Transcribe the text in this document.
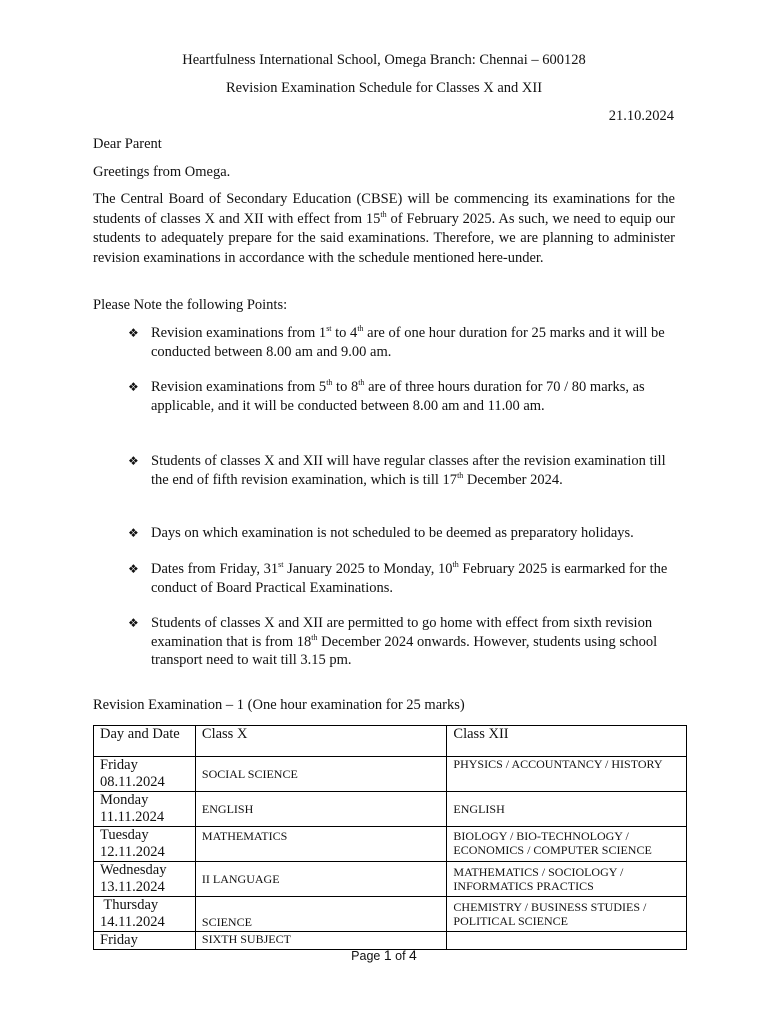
Heartfulness International School, Omega Branch: Chennai – 600128
Revision Examination Schedule for Classes X and XII
21.10.2024
Dear Parent
Greetings from Omega.
The Central Board of Secondary Education (CBSE) will be commencing its examinations for the students of classes X and XII with effect from 15th of February 2025. As such, we need to equip our students to adequately prepare for the said examinations. Therefore, we are planning to administer revision examinations in accordance with the schedule mentioned here-under.
Please Note the following Points:
❖ Revision examinations from 1st to 4th are of one hour duration for 25 marks and it will be conducted between 8.00 am and 9.00 am.
❖ Revision examinations from 5th to 8th are of three hours duration for 70 / 80 marks, as applicable, and it will be conducted between 8.00 am and 11.00 am.
❖ Students of classes X and XII will have regular classes after the revision examination till the end of fifth revision examination, which is till 17th December 2024.
❖ Days on which examination is not scheduled to be deemed as preparatory holidays.
❖ Dates from Friday, 31st January 2025 to Monday, 10th February 2025 is earmarked for the conduct of Board Practical Examinations.
❖ Students of classes X and XII are permitted to go home with effect from sixth revision examination that is from 18th December 2024 onwards. However, students using school transport need to wait till 3.15 pm.
Revision Examination – 1 (One hour examination for 25 marks)
Day and Date	Class X	Class XII

Friday
08.11.2024	SOCIAL SCIENCE	PHYSICS / ACCOUNTANCY / HISTORY

Monday
11.11.2024	ENGLISH	ENGLISH

Tuesday
12.11.2024	MATHEMATICS	BIOLOGY / BIO-TECHNOLOGY / ECONOMICS / COMPUTER SCIENCE

Wednesday
13.11.2024	II LANGUAGE	MATHEMATICS / SOCIOLOGY / INFORMATICS PRACTICS

Thursday
14.11.2024	SCIENCE	CHEMISTRY / BUSINESS STUDIES / POLITICAL SCIENCE

Friday	SIXTH SUBJECT	
Page 1 of 4
